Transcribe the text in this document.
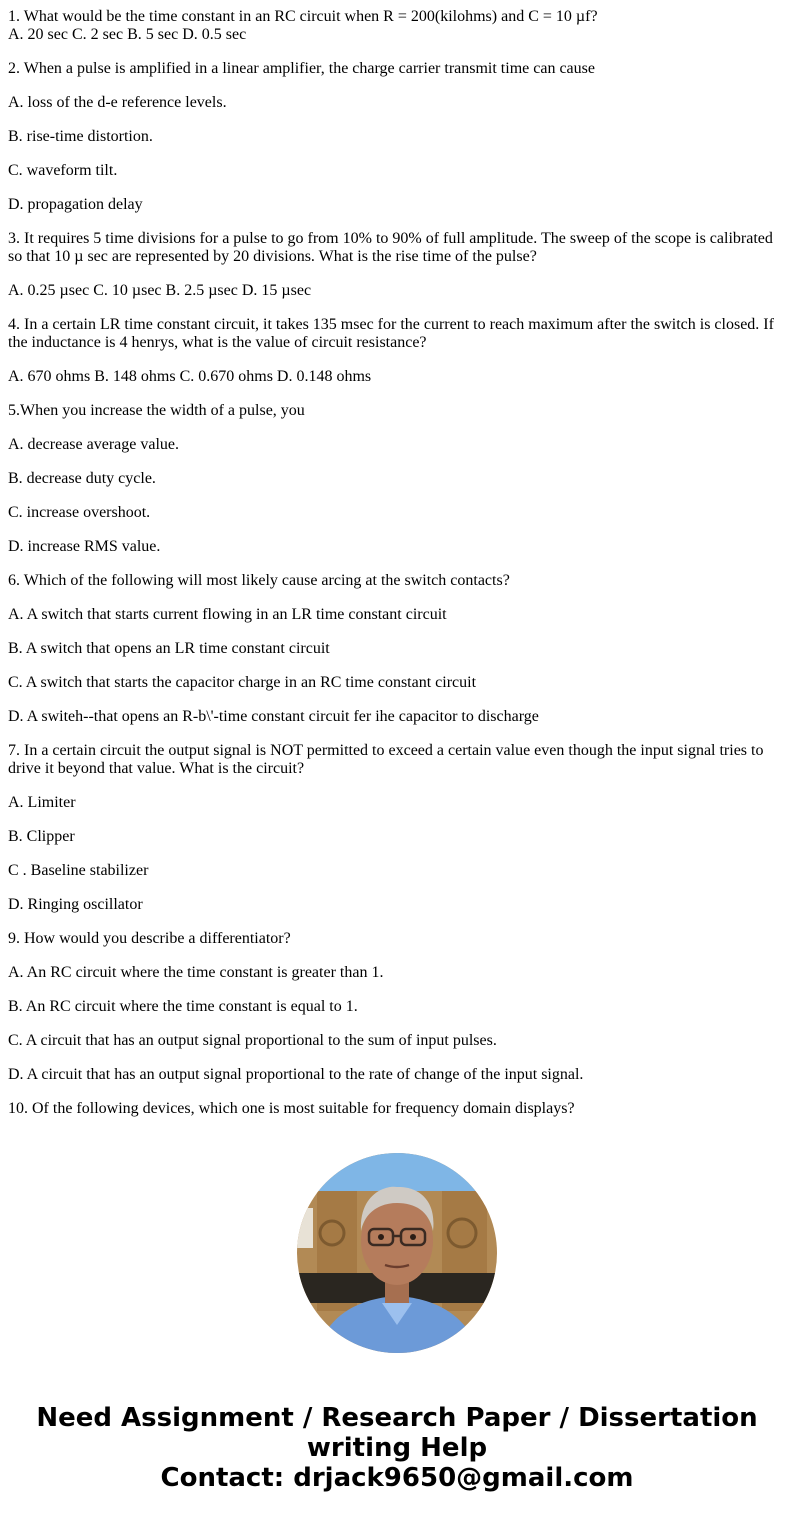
1. What would be the time constant in an RC circuit when R = 200(kilohms) and C = 10 µf?
A. 20 sec C. 2 sec B. 5 sec D. 0.5 sec
2. When a pulse is amplified in a linear amplifier, the charge carrier transmit time can cause
A. loss of the d-e reference levels.
B. rise-time distortion.
C. waveform tilt.
D. propagation delay
3. It requires 5 time divisions for a pulse to go from 10% to 90% of full amplitude. The sweep of the scope is calibrated so that 10 µ sec are represented by 20 divisions. What is the rise time of the pulse?
A. 0.25 µsec C. 10 µsec B. 2.5 µsec D. 15 µsec
4. In a certain LR time constant circuit, it takes 135 msec for the current to reach maximum after the switch is closed. If the inductance is 4 henrys, what is the value of circuit resistance?
A. 670 ohms B. 148 ohms C. 0.670 ohms D. 0.148 ohms
5.When you increase the width of a pulse, you
A. decrease average value.
B. decrease duty cycle.
C. increase overshoot.
D. increase RMS value.
6. Which of the following will most likely cause arcing at the switch contacts?
A. A switch that starts current flowing in an LR time constant circuit
B. A switch that opens an LR time constant circuit
C. A switch that starts the capacitor charge in an RC time constant circuit
D. A switeh--that opens an R-b\'-time constant circuit fer ihe capacitor to discharge
7. In a certain circuit the output signal is NOT permitted to exceed a certain value even though the input signal tries to drive it beyond that value. What is the circuit?
A. Limiter
B. Clipper
C . Baseline stabilizer
D. Ringing oscillator
9. How would you describe a differentiator?
A. An RC circuit where the time constant is greater than 1.
B. An RC circuit where the time constant is equal to 1.
C. A circuit that has an output signal proportional to the sum of input pulses.
D. A circuit that has an output signal proportional to the rate of change of the input signal.
10. Of the following devices, which one is most suitable for frequency domain displays?
Need Assignment / Research Paper / Dissertation
writing Help
Contact: drjack9650@gmail.com
